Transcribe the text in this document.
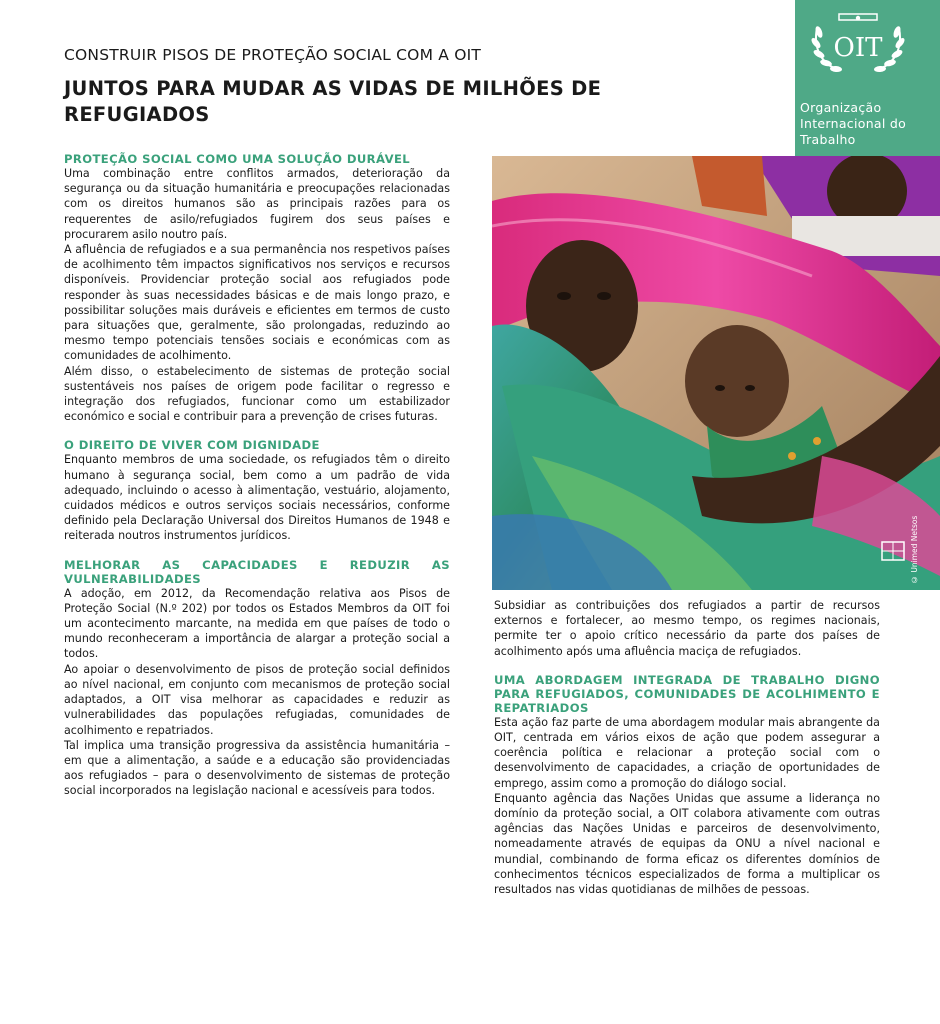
CONSTRUIR PISOS DE PROTEÇÃO SOCIAL COM A OIT
JUNTOS PARA MUDAR AS VIDAS DE MILHÕES DE REFUGIADOS
OIT
Organização Internacional do Trabalho
PROTEÇÃO SOCIAL COMO UMA SOLUÇÃO DURÁVEL

Uma combinação entre conflitos armados, deterioração da segurança ou da situação humanitária e preocupações relacionadas com os direitos humanos são as principais razões para os requerentes de asilo/refugiados fugirem dos seus países e procurarem asilo noutro país.

A afluência de refugiados e a sua permanência nos respetivos países de acolhimento têm impactos significativos nos serviços e recursos disponíveis. Providenciar proteção social aos refugiados pode responder às suas necessidades básicas e de mais longo prazo, e possibilitar soluções mais duráveis e eficientes em termos de custo para situações que, geralmente, são prolongadas, reduzindo ao mesmo tempo potenciais tensões sociais e económicas com as comunidades de acolhimento.

Além disso, o estabelecimento de sistemas de proteção social sustentáveis nos países de origem pode facilitar o regresso e integração dos refugiados, funcionar como um estabilizador económico e social e contribuir para a prevenção de crises futuras.

O DIREITO DE VIVER COM DIGNIDADE

Enquanto membros de uma sociedade, os refugiados têm o direito humano à segurança social, bem como a um padrão de vida adequado, incluindo o acesso à alimentação, vestuário, alojamento, cuidados médicos e outros serviços sociais necessários, conforme definido pela Declaração Universal dos Direitos Humanos de 1948 e reiterada noutros instrumentos jurídicos.

MELHORAR AS CAPACIDADES E REDUZIR AS VULNERABILIDADES

A adoção, em 2012, da Recomendação relativa aos Pisos de Proteção Social (N.º 202) por todos os Estados Membros da OIT foi um acontecimento marcante, na medida em que países de todo o mundo reconheceram a importância de alargar a proteção social a todos.

Ao apoiar o desenvolvimento de pisos de proteção social definidos ao nível nacional, em conjunto com mecanismos de proteção social adaptados, a OIT visa melhorar as capacidades e reduzir as vulnerabilidades das populações refugiadas, comunidades de acolhimento e repatriados.

Tal implica uma transição progressiva da assistência humanitária – em que a alimentação, a saúde e a educação são providenciadas aos refugiados – para o desenvolvimento de sistemas de proteção social incorporados na legislação nacional e acessíveis para todos.

© Unimed Netsos

Subsidiar as contribuições dos refugiados a partir de recursos externos e fortalecer, ao mesmo tempo, os regimes nacionais, permite ter o apoio crítico necessário da parte dos países de acolhimento após uma afluência maciça de refugiados.

UMA ABORDAGEM INTEGRADA DE TRABALHO DIGNO PARA REFUGIADOS, COMUNIDADES DE ACOLHIMENTO E REPATRIADOS

Esta ação faz parte de uma abordagem modular mais abrangente da OIT, centrada em vários eixos de ação que podem assegurar a coerência política e relacionar a proteção social com o desenvolvimento de capacidades, a criação de oportunidades de emprego, assim como a promoção do diálogo social.

Enquanto agência das Nações Unidas que assume a liderança no domínio da proteção social, a OIT colabora ativamente com outras agências das Nações Unidas e parceiros de desenvolvimento, nomeadamente através de equipas da ONU a nível nacional e mundial, combinando de forma eficaz os diferentes domínios de conhecimentos técnicos especializados de forma a multiplicar os resultados nas vidas quotidianas de milhões de pessoas.
